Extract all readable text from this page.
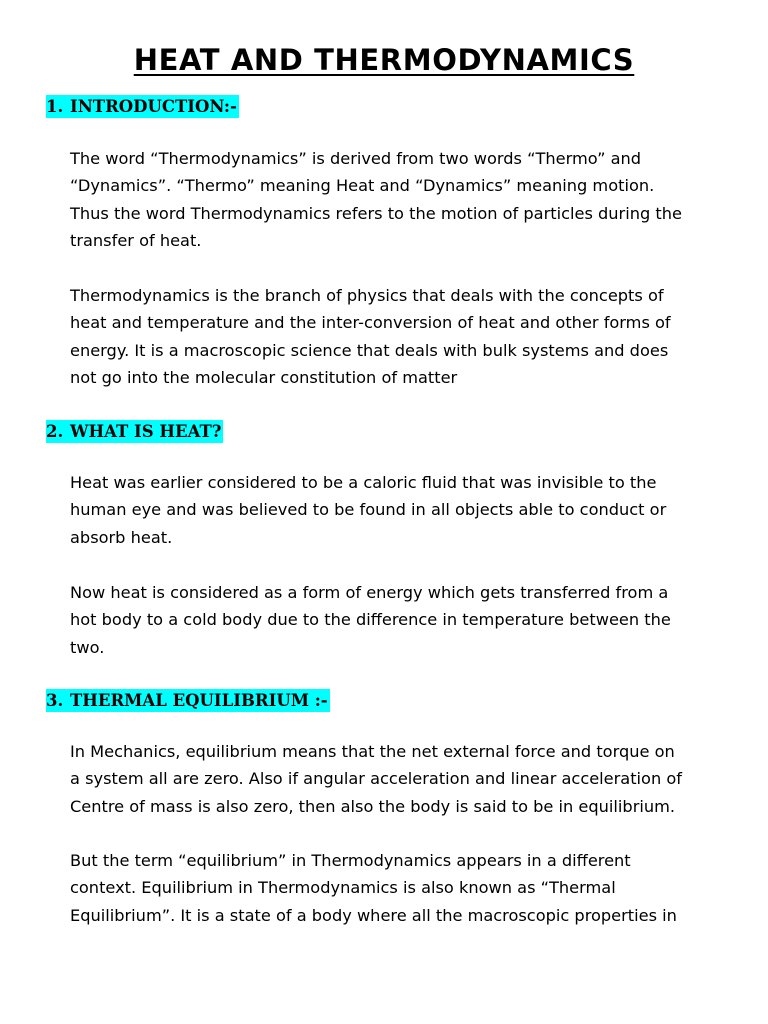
HEAT AND THERMODYNAMICS
1. INTRODUCTION:-

The word “Thermodynamics” is derived from two words “Thermo” and
“Dynamics”. “Thermo” meaning Heat and “Dynamics” meaning motion.
Thus the word Thermodynamics refers to the motion of particles during the
transfer of heat.

Thermodynamics is the branch of physics that deals with the concepts of
heat and temperature and the inter-conversion of heat and other forms of
energy. It is a macroscopic science that deals with bulk systems and does
not go into the molecular constitution of matter

2. WHAT IS HEAT?

Heat was earlier considered to be a caloric fluid that was invisible to the
human eye and was believed to be found in all objects able to conduct or
absorb heat.

Now heat is considered as a form of energy which gets transferred from a
hot body to a cold body due to the difference in temperature between the
two.

3. THERMAL EQUILIBRIUM :-

In Mechanics, equilibrium means that the net external force and torque on
a system all are zero. Also if angular acceleration and linear acceleration of
Centre of mass is also zero, then also the body is said to be in equilibrium.

But the term “equilibrium” in Thermodynamics appears in a different
context. Equilibrium in Thermodynamics is also known as “Thermal
Equilibrium”. It is a state of a body where all the macroscopic properties in
